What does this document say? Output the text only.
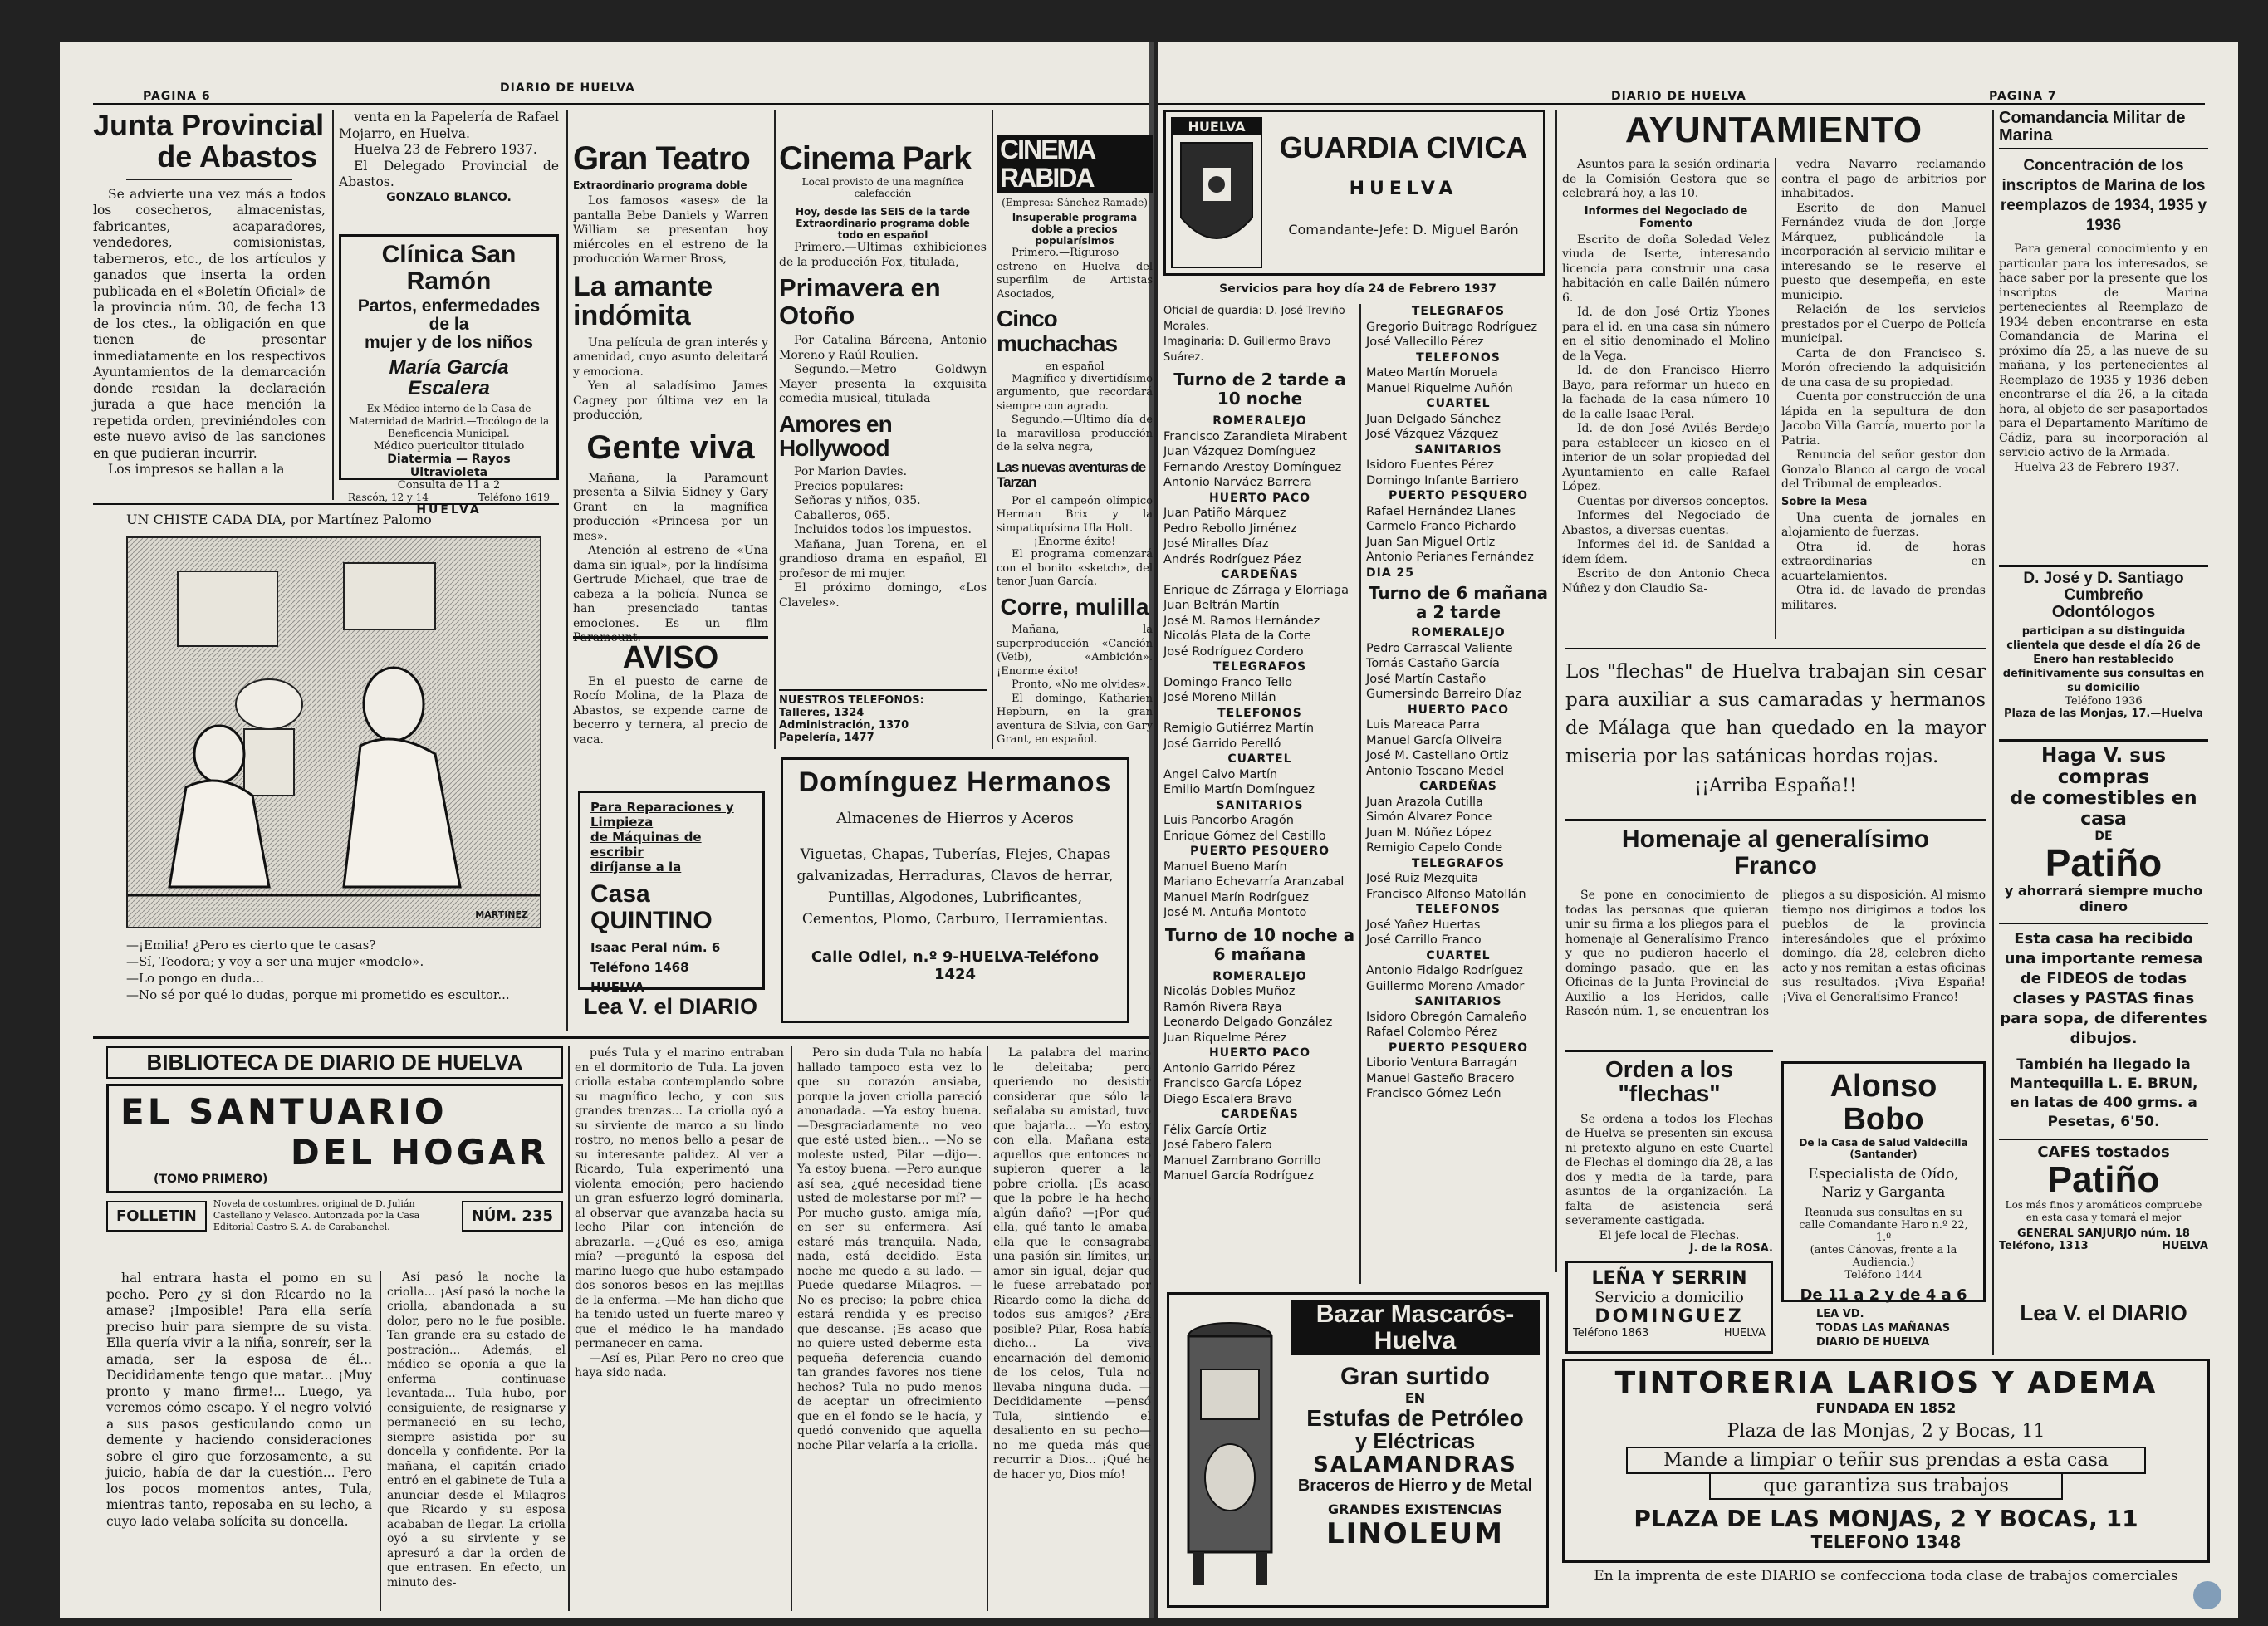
PAGINA 6
DIARIO DE HUELVA
Junta Provincial
de Abastos

Se advierte una vez más a todos los cosecheros, almacenistas, fabricantes, acaparadores, vendedores, comisionistas, taberneros, etc., de los artículos y ganados que inserta la orden publicada en el «Boletín Oficial» de la provincia núm. 30, de fecha 13 de los ctes., la obligación en que tienen de presentar inmediatamente en los respectivos Ayuntamientos de la demarcación donde residan la declaración jurada a que hace mención la repetida orden, previniéndoles con este nuevo aviso de las sanciones en que pudieran incurrir.

Los impresos se hallan a la

venta en la Papelería de Rafael Mojarro, en Huelva.

Huelva 23 de Febrero 1937.

El Delegado Provincial de Abastos.

GONZALO BLANCO.

Clínica San Ramón
Partos, enfermedades de la
mujer y de los niños
María García Escalera
Ex-Médico interno de la Casa de Maternidad de Madrid.—Tocólogo de la Beneficencia Municipal.
Médico puericultor titulado
Diatermia — Rayos Ultravioleta
Consulta de 11 a 2
Rascón, 12 y 14	Teléfono 1619
HUELVA
UN CHISTE CADA DIA, por Martínez Palomo
MARTINEZ

—¡Emilia! ¿Pero es cierto que te casas?

—Sí, Teodora; y voy a ser una mujer «modelo».

—Lo pongo en duda...

—No sé por qué lo dudas, porque mi prometido es escultor...

Gran Teatro
Extraordinario programa doble

Los famosos «ases» de la pantalla Bebe Daniels y Warren William se presentan hoy miércoles en el estreno de la producción Warner Bross,

La amante indómita

Una película de gran interés y amenidad, cuyo asunto deleitará y emociona.

Yen al saladísimo James Cagney por última vez en la producción,

Gente viva

Mañana, la Paramount presenta a Silvia Sidney y Gary Grant en la magnífica producción «Princesa por un mes».

Atención al estreno de «Una dama sin igual», por la lindísima Gertrude Michael, que trae de cabeza a la policía. Nunca se han presenciado tantas emociones. Es un film Paramount.

AVISO

En el puesto de carne de Rocío Molina, de la Plaza de Abastos, se expende carne de becerro y ternera, al precio de vaca.

Para Reparaciones y Limpieza
de Máquinas de escribir
diríjanse a la
Casa QUINTINO
Isaac Peral núm. 6
Teléfono 1468
HUELVA
Lea V. el DIARIO
Cinema Park
Local provisto de una magnífica calefacción
Hoy, desde las SEIS de la tarde
Extraordinario programa doble
todo en español

Primero.—Ultimas exhibiciones de la producción Fox, titulada,

Primavera en Otoño

Por Catalina Bárcena, Antonio Moreno y Raúl Roulien.

Segundo.—Metro Goldwyn Mayer presenta la exquisita comedia musical, titulada

Amores en Hollywood

Por Marion Davies.

Precios populares:

Señoras y niños, 035.

Caballeros, 065.

Incluidos todos los impuestos.

Mañana, Juan Torena, en el grandioso drama en español, El profesor de mi mujer.

El próximo domingo, «Los Claveles».

CINEMA RABIDA
(Empresa: Sánchez Ramade)
Insuperable programa doble a precios popularísimos

Primero.—Riguroso estreno en Huelva del superfilm de Artistas Asociados,

Cinco muchachas
en español

Magnífico y divertidísimo argumento, que recordará siempre con agrado.

Segundo.—Ultimo día de la maravillosa producción de la selva negra,

Las nuevas aventuras de Tarzan

Por el campeón olímpico Herman Brix y la simpatiquísima Ula Holt.

¡Enorme éxito!

El programa comenzará con el bonito «sketch», del tenor Juan García.

Corre, mulilla

Mañana, la superproducción «Canción (Veib), «Ambición». ¡Enorme éxito!

Pronto, «No me olvides».

El domingo, Katharien Hepburn, en la gran aventura de Silvia, con Gary Grant, en español.

NUESTROS TELEFONOS:
Talleres, 1324
Administración, 1370
Papelería, 1477
Domínguez Hermanos
Almacenes de Hierros y Aceros
Viguetas, Chapas, Tuberías, Flejes, Chapas galvanizadas, Herraduras, Clavos de herrar, Puntillas, Algodones, Lubrificantes, Cementos, Plomo, Carburo, Herramientas.
Calle Odiel, n.º 9-HUELVA-Teléfono 1424
BIBLIOTECA DE DIARIO DE HUELVA
EL SANTUARIO
DEL HOGAR
(TOMO PRIMERO)
FOLLETIN
Novela de costumbres, original de D. Julián Castellano y Velasco. Autorizada por la Casa Editorial Castro S. A. de Carabanchel.
NÚM. 235

hal entrara hasta el pomo en su pecho. Pero ¿y si don Ricardo no la amase? ¡Imposible! Para ella sería preciso huir para siempre de su vista. Ella quería vivir a la niña, sonreír, ser la amada, ser la esposa de él... Decididamente tengo que matar... ¡Muy pronto y mano firme!... Luego, ya veremos cómo escapo. Y el negro volvió a sus pasos gesticulando como un demente y haciendo consideraciones sobre el giro que forzosamente, a su juicio, había de dar la cuestión... Pero los pocos momentos antes, Tula, mientras tanto, reposaba en su lecho, a cuyo lado velaba solícita su doncella.

Así pasó la noche la criolla... ¡Así pasó la noche la criolla, abandonada a su dolor, pero no le fue posible. Tan grande era su estado de postración... Además, el médico se oponía a que la enferma continuase levantada... Tula hubo, por consiguiente, de resignarse y permaneció en su lecho, siempre asistida por su doncella y confidente. Por la mañana, el capitán criado entró en el gabinete de Tula a anunciar desde el Milagros que Ricardo y su esposa acababan de llegar. La criolla oyó a su sirviente y se apresuró a dar la orden de que entrasen. En efecto, un minuto des-

pués Tula y el marino entraban en el dormitorio de Tula. La joven criolla estaba contemplando sobre su magnífico lecho, y con sus grandes trenzas... La criolla oyó a su sirviente de marco a su lindo rostro, no menos bello a pesar de su interesante palidez. Al ver a Ricardo, Tula experimentó una violenta emoción; pero haciendo un gran esfuerzo logró dominarla, al observar que avanzaba hacia su lecho Pilar con intención de abrazarla. —¿Qué es eso, amiga mía? —preguntó la esposa del marino luego que hubo estampado dos sonoros besos en las mejillas de la enferma. —Me han dicho que ha tenido usted un fuerte mareo y que el médico le ha mandado permanecer en cama.

—Así es, Pilar. Pero no creo que haya sido nada.

Pero sin duda Tula no había hallado tampoco esta vez lo que su corazón ansiaba, porque la joven criolla pareció anonadada. —Ya estoy buena. —Desgraciadamente no veo que esté usted bien... —No se moleste usted, Pilar —dijo—. Ya estoy buena. —Pero aunque así sea, ¿qué necesidad tiene usted de molestarse por mí? —Por mucho gusto, amiga mía, en ser su enfermera. Así estaré más tranquila. Nada, nada, está decidido. Esta noche me quedo a su lado. —Puede quedarse Milagros. —No es preciso; la pobre chica estará rendida y es preciso que descanse. ¡Es acaso que no quiere usted deberme esta pequeña deferencia cuando tan grandes favores nos tiene hechos? Tula no pudo menos de aceptar un ofrecimiento que en el fondo se le hacía, y quedó convenido que aquella noche Pilar velaría a la criolla.

La palabra del marino le deleitaba; pero queriendo no desistir considerar que sólo la señalaba su amistad, tuvo que bajarla... —Yo estoy con ella. Mañana esta aquellos que entonces no supieron querer a la pobre criolla. ¡Es acaso que la pobre le ha hecho algún daño? —¡Por qué ella, qué tanto le amaba, ella que le consagraba una pasión sin límites, un amor sin igual, dejar que le fuese arrebatado por Ricardo como la dicha de todos sus amigos? ¿Era posible? Pilar, Rosa había dicho... La viva encarnación del demonio de los celos, Tula no llevaba ninguna duda. —Decididamente —pensó Tula, sintiendo el desaliento en su pecho— no me queda más que recurrir a Dios... ¡Qué he de hacer yo, Dios mío!

DIARIO DE HUELVA	PAGINA 7
HUELVA
GUARDIA CIVICA
HUELVA
Comandante-Jefe: D. Miguel Barón
Servicios para hoy día 24 de Febrero 1937
Oficial de guardia: D. José Treviño Morales.
Imaginaria: D. Guillermo Bravo Suárez.
Turno de 2 tarde a 10 noche
ROMERALEJO
Francisco Zarandieta Mirabent
Juan Vázquez Domínguez
Fernando Arestoy Domínguez
Antonio Narváez Barrera
HUERTO PACO
Juan Patiño Márquez
Pedro Rebollo Jiménez
José Miralles Díaz
Andrés Rodríguez Páez
CARDEÑAS
Enrique de Zárraga y Elorriaga
Juan Beltrán Martín
José M. Ramos Hernández
Nicolás Plata de la Corte
José Rodríguez Cordero
TELEGRAFOS
Domingo Franco Tello
José Moreno Millán
TELEFONOS
Remigio Gutiérrez Martín
José Garrido Perelló
CUARTEL
Angel Calvo Martín
Emilio Martín Domínguez
SANITARIOS
Luis Pancorbo Aragón
Enrique Gómez del Castillo
PUERTO PESQUERO
Manuel Bueno Marín
Mariano Echevarría Aranzabal
Manuel Marín Rodríguez
José M. Antuña Montoto
Turno de 10 noche a 6 mañana
ROMERALEJO
Nicolás Dobles Muñoz
Ramón Rivera Raya
Leonardo Delgado González
Juan Riquelme Pérez
HUERTO PACO
Antonio Garrido Pérez
Francisco García López
Diego Escalera Bravo
CARDEÑAS
Félix García Ortiz
José Fabero Falero
Manuel Zambrano Gorrillo
Manuel García Rodríguez
TELEGRAFOS
Gregorio Buitrago Rodríguez
José Vallecillo Pérez
TELEFONOS
Mateo Martín Moruela
Manuel Riquelme Auñón
CUARTEL
Juan Delgado Sánchez
José Vázquez Vázquez
SANITARIOS
Isidoro Fuentes Pérez
Domingo Infante Barriero
PUERTO PESQUERO
Rafael Hernández Llanes
Carmelo Franco Pichardo
Juan San Miguel Ortiz
Antonio Perianes Fernández
DIA 25
Turno de 6 mañana a 2 tarde
ROMERALEJO
Pedro Carrascal Valiente
Tomás Castaño García
José Martín Castaño
Gumersindo Barreiro Díaz
HUERTO PACO
Luis Mareaca Parra
Manuel García Oliveira
José M. Castellano Ortiz
Antonio Toscano Medel
CARDEÑAS
Juan Arazola Cutilla
Simón Alvarez Ponce
Juan M. Núñez López
Remigio Capelo Conde
TELEGRAFOS
José Ruiz Mezquita
Francisco Alfonso Matollán
TELEFONOS
José Yañez Huertas
José Carrillo Franco
CUARTEL
Antonio Fidalgo Rodríguez
Guillermo Moreno Amador
SANITARIOS
Isidoro Obregón Camaleño
Rafael Colombo Pérez
PUERTO PESQUERO
Liborio Ventura Barragán
Manuel Gasteño Bracero
Francisco Gómez León
Bazar Mascarós-Huelva
Gran surtido
EN
Estufas de Petróleo
y Eléctricas
SALAMANDRAS
Braceros de Hierro y de Metal
GRANDES EXISTENCIAS
LINOLEUM
AYUNTAMIENTO

Asuntos para la sesión ordinaria de la Comisión Gestora que se celebrará hoy, a las 10.

Informes del Negociado de Fomento

Escrito de doña Soledad Velez viuda de Iserte, interesando licencia para construir una casa habitación en calle Bailén número 6.

Id. de don José Ortiz Ybones para el id. en una casa sin número en el sitio denominado el Molino de la Vega.

Id. de don Francisco Hierro Bayo, para reformar un hueco en la fachada de la casa número 10 de la calle Isaac Peral.

Id. de don José Avilés Berdejo para establecer un kiosco en el interior de un solar propiedad del Ayuntamiento en calle Rafael López.

Cuentas por diversos conceptos.

Informes del Negociado de Abastos, a diversas cuentas.

Informes del id. de Sanidad a ídem ídem.

Escrito de don Antonio Checa Núñez y don Claudio Sa-

vedra Navarro reclamando contra el pago de arbitrios por inhabitados.

Escrito de don Manuel Fernández viuda de don Jorge Márquez, publicándole la incorporación al servicio militar e interesando se le reserve el puesto que desempeña, en este municipio.

Relación de los servicios prestados por el Cuerpo de Policía municipal.

Carta de don Francisco S. Morón ofreciendo la adquisición de una casa de su propiedad.

Cuenta por construcción de una lápida en la sepultura de don Jacobo Villa García, muerto por la Patria.

Renuncia del señor gestor don Gonzalo Blanco al cargo de vocal del Tribunal de empleados.

Sobre la Mesa

Una cuenta de jornales en alojamiento de fuerzas.

Otra id. de horas extraordinarias en acuartelamientos.

Otra id. de lavado de prendas militares.

Los "flechas" de Huelva trabajan sin cesar para auxiliar a sus camaradas y hermanos de Málaga que han quedado en la mayor miseria por las satánicas hordas rojas.

¡¡Arriba España!!

Homenaje al generalísimo
Franco

Se pone en conocimiento de todas las personas que quieran unir su firma a los pliegos para el homenaje al Generalísimo Franco y que no pudieron hacerlo el domingo pasado, que en las Oficinas de la Junta Provincial de Auxilio a los Heridos, calle Rascón núm. 1, se encuentran los pliegos a su disposición. Al mismo tiempo nos dirigimos a todos los pueblos de la provincia interesándoles que el próximo domingo, día 28, celebren dicho acto y nos remitan a estas oficinas sus resultados. ¡Viva España! ¡Viva el Generalísimo Franco!

Orden a los "flechas"

Se ordena a todos los Flechas de Huelva se presenten sin excusa ni pretexto alguno en este Cuartel de Flechas el domingo día 28, a las dos y media de la tarde, para asuntos de la organización. La falta de asistencia será severamente castigada.

El jefe local de Flechas.

J. de la ROSA.

LEÑA Y SERRIN
Servicio a domicilio
DOMINGUEZ
Teléfono 1863	HUELVA
Alonso Bobo
De la Casa de Salud Valdecilla (Santander)
Especialista de Oído, Nariz y Garganta
Reanuda sus consultas en su calle Comandante Haro n.º 22, 1.º
(antes Cánovas, frente a la Audiencia.)
Teléfono 1444
De 11 a 2 y de 4 a 6
LEA VD.
TODAS LAS MAÑANAS
DIARIO DE HUELVA
TINTORERIA LARIOS Y ADEMA
FUNDADA EN 1852
Plaza de las Monjas, 2 y Bocas, 11
Mande a limpiar o teñir sus prendas a esta casa
que garantiza sus trabajos
PLAZA DE LAS MONJAS, 2 Y BOCAS, 11
TELEFONO 1348
En la imprenta de este DIARIO se confecciona toda clase de trabajos comerciales
Comandancia Militar de Marina
Concentración de los inscriptos de Marina de los reemplazos de 1934, 1935 y 1936

Para general conocimiento y en particular para los interesados, se hace saber por la presente que los inscriptos de Marina pertenecientes al Reemplazo de 1934 deben encontrarse en esta Comandancia de Marina el próximo día 25, a las nueve de su mañana, y los pertenecientes al Reemplazo de 1935 y 1936 deben encontrarse el día 26, a la citada hora, al objeto de ser pasaportados para el Departamento Marítimo de Cádiz, para su incorporación al servicio activo de la Armada.

Huelva 23 de Febrero 1937.

D. José y D. Santiago Cumbreño
Odontólogos
participan a su distinguida clientela que desde el día 26 de Enero han restablecido definitivamente sus consultas en su domicilio
Teléfono 1936
Plaza de las Monjas, 17.—Huelva
Haga V. sus compras
de comestibles en casa
DE
Patiño
y ahorrará siempre mucho dinero
Esta casa ha recibido una importante remesa de FIDEOS de todas clases y PASTAS finas para sopa, de diferentes dibujos.
También ha llegado la Mantequilla L. E. BRUN, en latas de 400 grms. a Pesetas, 6'50.
CAFES tostados
Patiño
Los más finos y aromáticos compruebe en esta casa y tomará el mejor
GENERAL SANJURJO núm. 18
Teléfono, 1313	HUELVA
Lea V. el DIARIO
